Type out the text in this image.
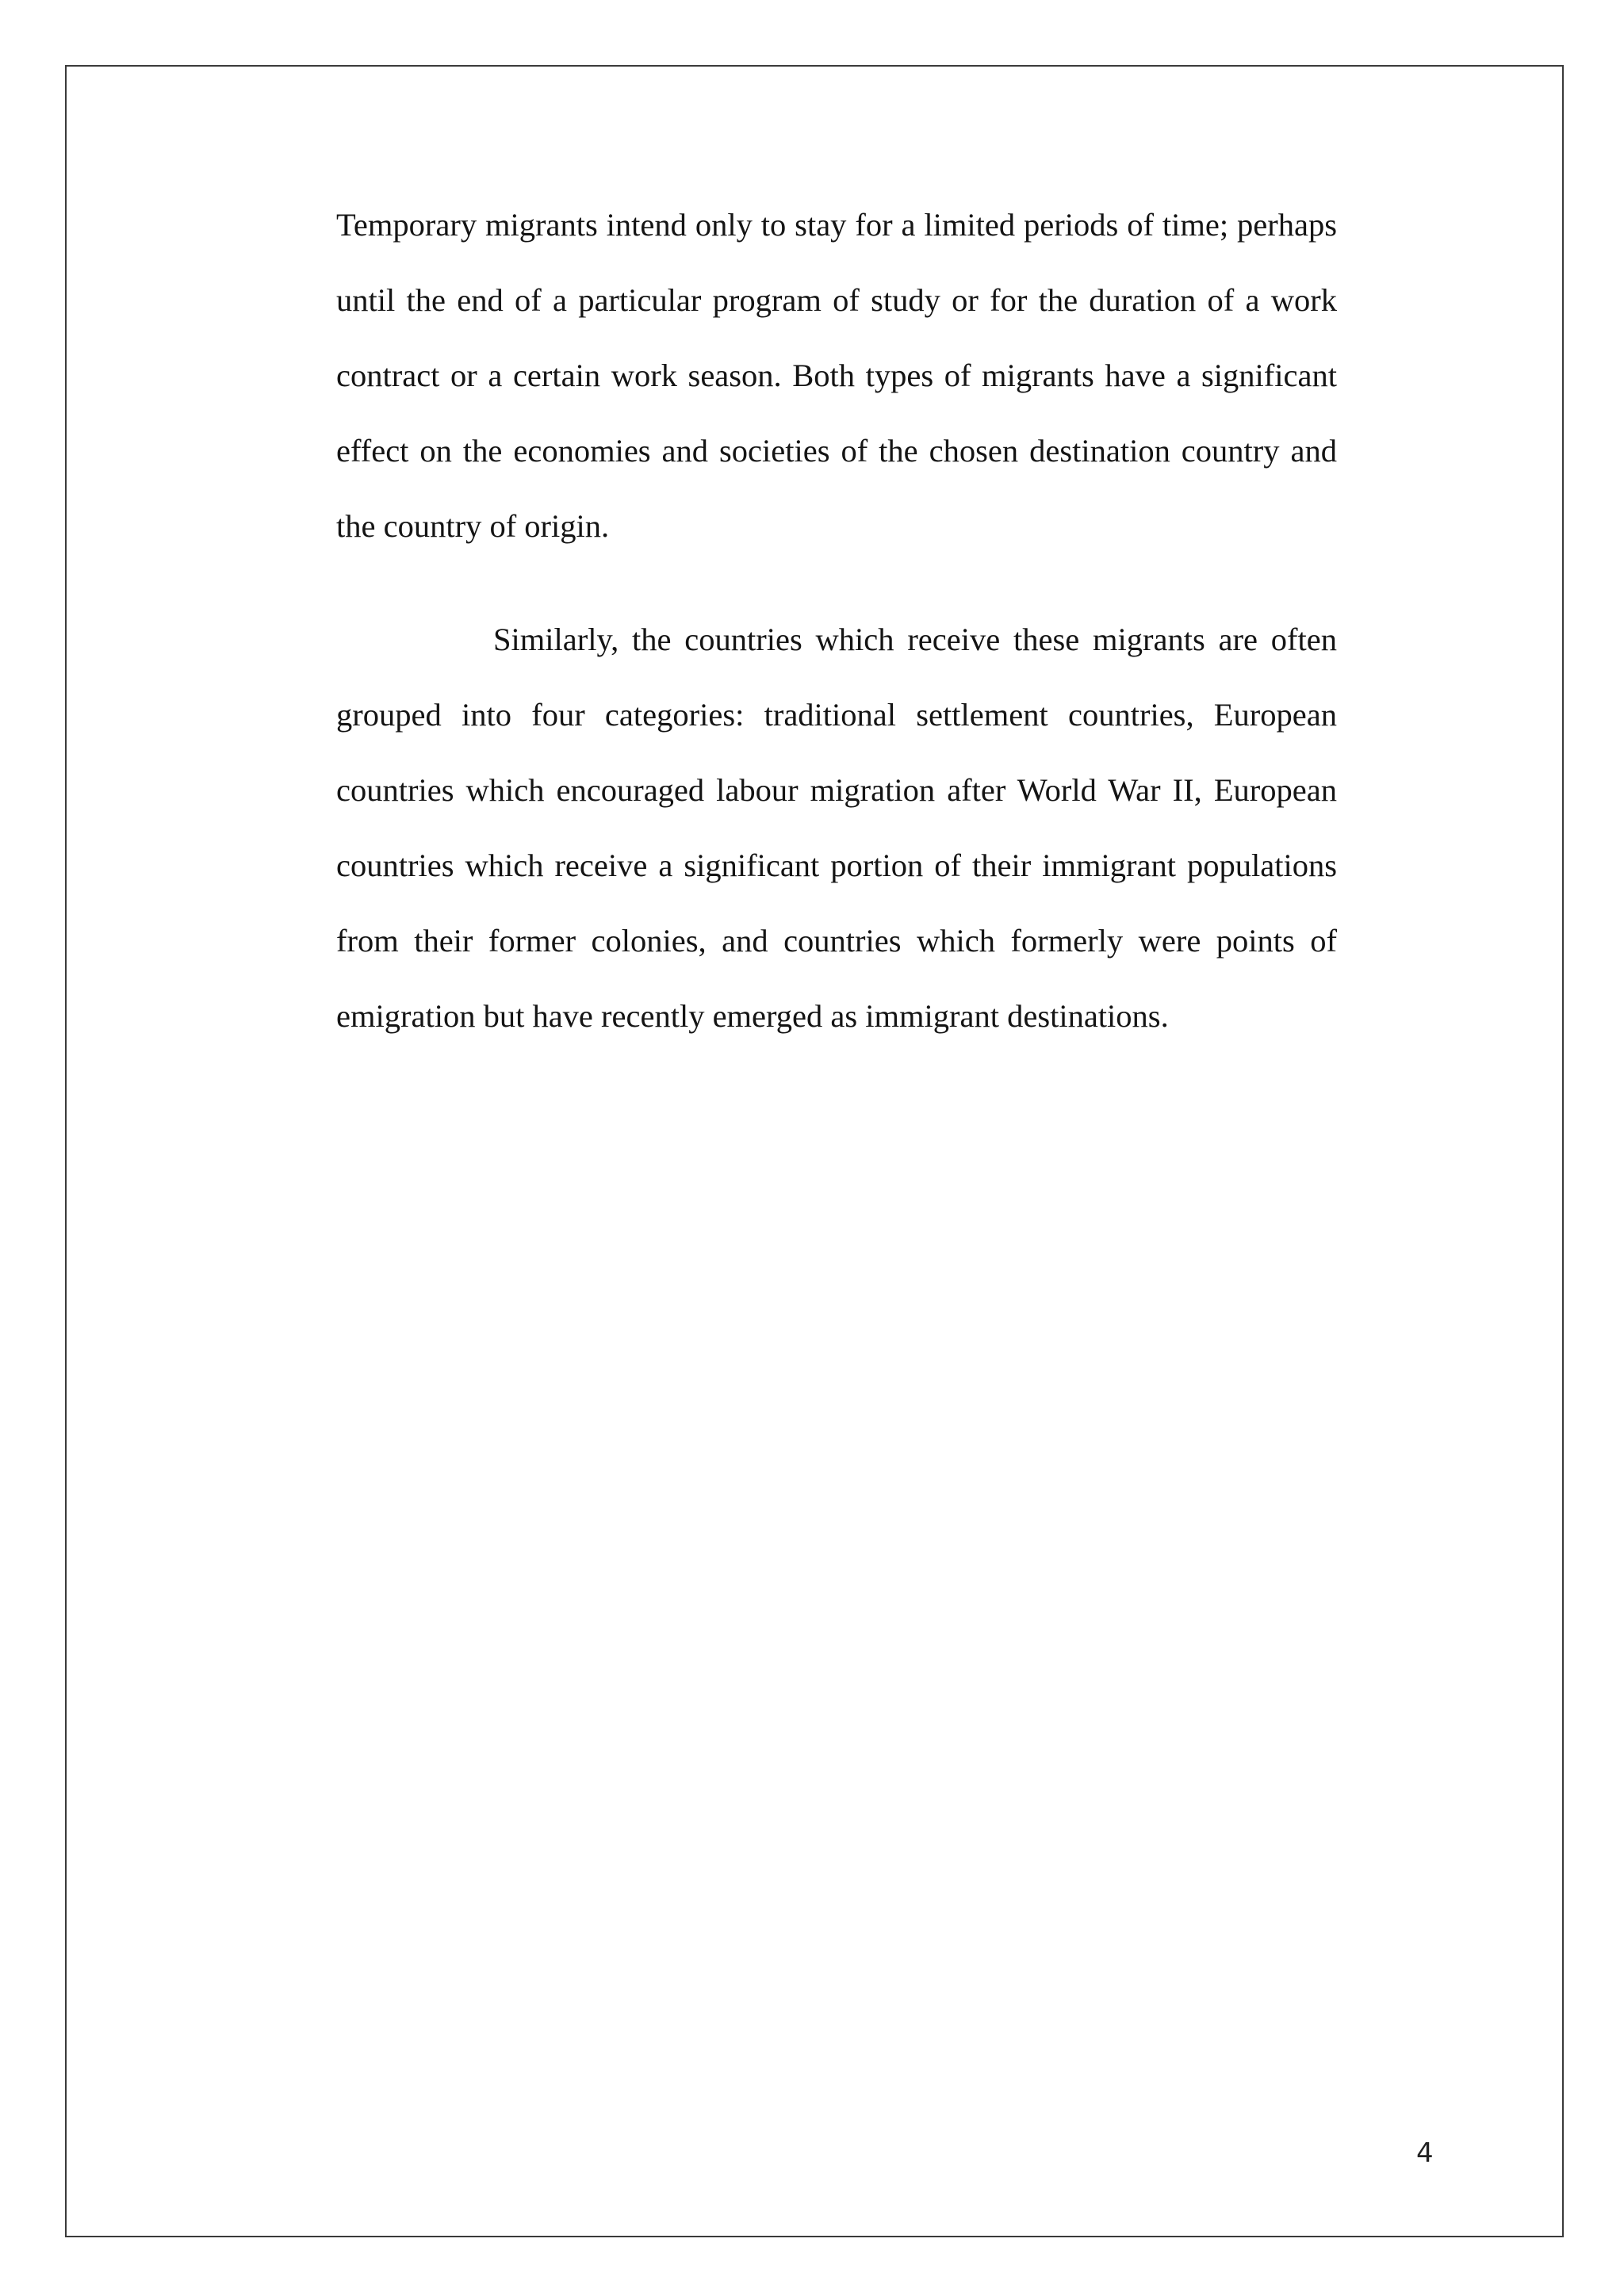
Temporary migrants intend only to stay for a limited periods of time; perhaps until the end of a particular program of study or for the duration of a work contract or a certain work season. Both types of migrants have a significant effect on the economies and societies of the chosen destination country and the country of origin.

Similarly, the countries which receive these migrants are often grouped into four categories: traditional settlement countries, European countries which encouraged labour migration after World War II, European countries which receive a significant portion of their immigrant populations from their former colonies, and countries which formerly were points of emigration but have recently emerged as immigrant destinations.

4
